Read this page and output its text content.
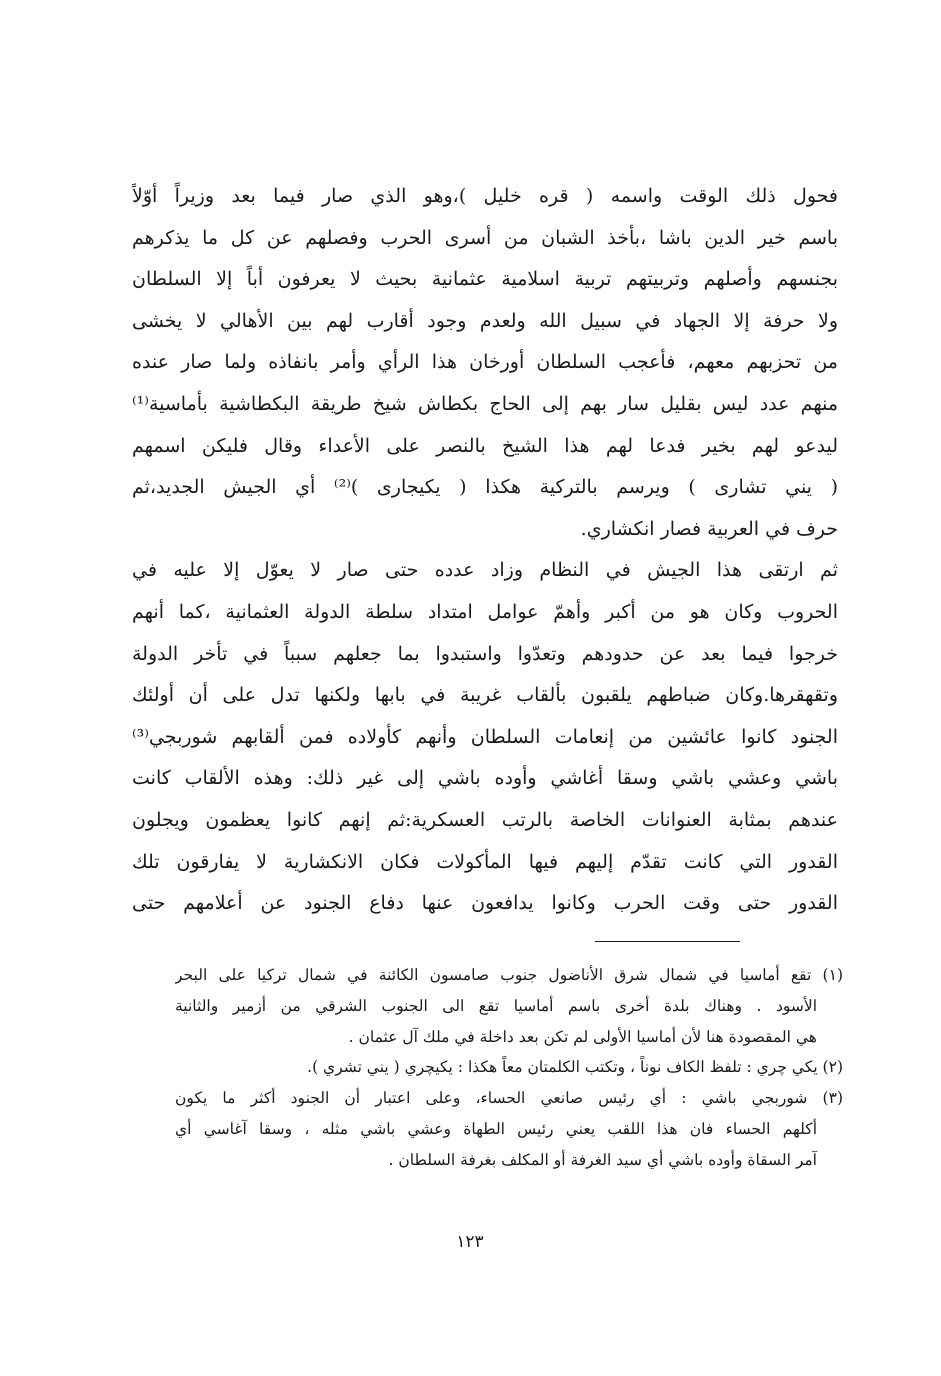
فحول ذلك الوقت واسمه ( قره خليل )،وهو الذي صار فيما بعد وزيراً أوّلاً
باسم خير الدين باشا ،بأخذ الشبان من أسرى الحرب وفصلهم عن كل ما يذكرهم
بجنسهم وأصلهم وتربيتهم تربية اسلامية عثمانية بحيث لا يعرفون أباً إلا السلطان
ولا حرفة إلا الجهاد في سبيل الله ولعدم وجود أقارب لهم بين الأهالي لا يخشى
من تحزبهم معهم، فأعجب السلطان أورخان هذا الرأي وأمر بانفاذه ولما صار عنده
منهم عدد ليس بقليل سار بهم إلى الحاج بكطاش شيخ طريقة البكطاشية بأماسية⁽¹⁾
ليدعو لهم بخير فدعا لهم هذا الشيخ بالنصر على الأعداء وقال فليكن اسمهم
( يني تشارى ) ويرسم بالتركية هكذا ( يكيجارى )⁽²⁾ أي الجيش الجديد،ثم
حرف في العربية فصار انكشاري.
ثم ارتقى هذا الجيش في النظام وزاد عدده حتى صار لا يعوّل إلا عليه في
الحروب وكان هو من أكبر وأهمّ عوامل امتداد سلطة الدولة العثمانية ،كما أنهم
خرجوا فيما بعد عن حدودهم وتعدّوا واستبدوا بما جعلهم سبباً في تأخر الدولة
وتقهقرها.وكان ضباطهم يلقبون بألقاب غريبة في بابها ولكنها تدل على أن أولئك
الجنود كانوا عائشين من إنعامات السلطان وأنهم كأولاده فمن ألقابهم شوربجي⁽³⁾
باشي وعشي باشي وسقا أغاشي وأوده باشي إلى غير ذلك: وهذه الألقاب كانت
عندهم بمثابة العنوانات الخاصة بالرتب العسكرية:ثم إنهم كانوا يعظمون ويجلون
القدور التي كانت تقدّم إليهم فيها المأكولات فكان الانكشارية لا يفارقون تلك
القدور حتى وقت الحرب وكانوا يدافعون عنها دفاع الجنود عن أعلامهم حتى
(١) تقع أماسيا في شمال شرق الأناضول جنوب صامسون الكائنة في شمال تركيا على البحر
الأسود . وهناك بلدة أخرى باسم أماسيا تقع الى الجنوب الشرقي من أزمير والثانية
هي المقصودة هنا لأن أماسيا الأولى لم تكن بعد داخلة في ملك آل عثمان .
(٢) يكي چري : تلفظ الكاف نوناً ، وتكتب الكلمتان معاً هكذا : يكيچري ( يني تشري ).
(٣) شوربجي باشي : أي رئيس صانعي الحساء، وعلى اعتبار أن الجنود أكثر ما يكون
أكلهم الحساء فان هذا اللقب يعني رئيس الطهاة وعشي باشي مثله ، وسقا آغاسي أي
آمر السقاة وأوده باشي أي سيد الغرفة أو المكلف بغرفة السلطان .
١٢٣
